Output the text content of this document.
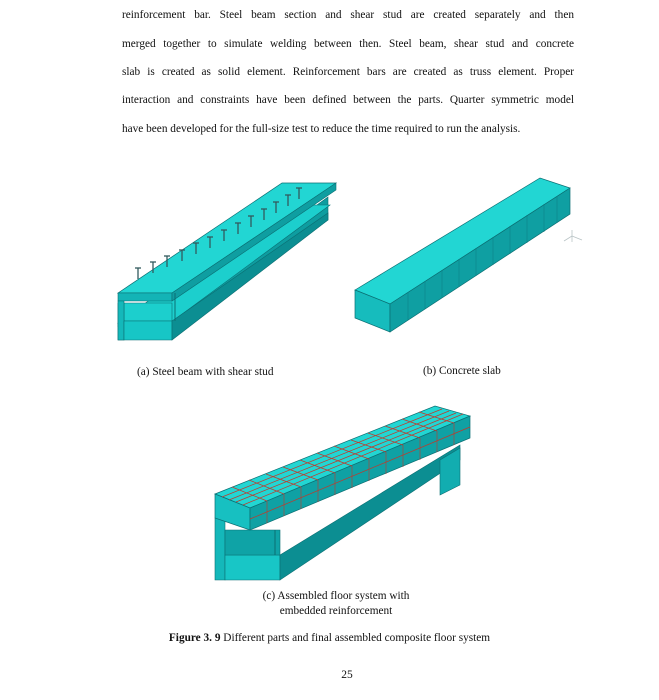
reinforcement bar. Steel beam section and shear stud are created separately and then
merged together to simulate welding between then. Steel beam, shear stud and concrete
slab is created as solid element. Reinforcement bars are created as truss element. Proper
interaction and constraints have been defined between the parts. Quarter symmetric model
have been developed for the full-size test to reduce the time required to run the analysis.
(a) Steel beam with shear stud	(b) Concrete slab
(c) Assembled floor system with
embedded reinforcement
Figure 3. 9 Different parts and final assembled composite floor system
25
